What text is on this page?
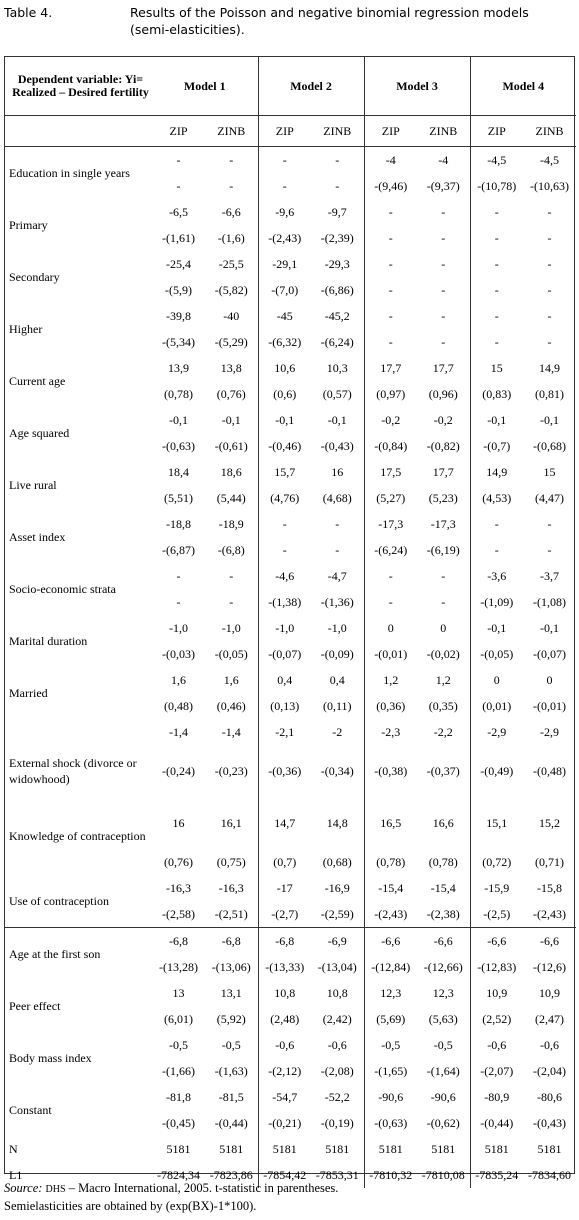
Table 4.	Results of the Poisson and negative binomial regression models (semi-elasticities).
Dependent variable: Yi= Realized – Desired fertility	Model 1		Model 2		Model 3		Model 4	
	ZIP	ZINB	ZIP	ZINB	ZIP	ZINB	ZIP	ZINB
Education in single years	-	-	-	-	-4	-4	-4,5	-4,5
	-	-	-	-	-(9,46)	-(9,37)	-(10,78)	-(10,63)
Primary	-6,5	-6,6	-9,6	-9,7	-	-	-	-
	-(1,61)	-(1,6)	-(2,43)	-(2,39)	-	-	-	-
Secondary	-25,4	-25,5	-29,1	-29,3	-	-	-	-
	-(5,9)	-(5,82)	-(7,0)	-(6,86)	-	-	-	-
Higher	-39,8	-40	-45	-45,2	-	-	-	-
	-(5,34)	-(5,29)	-(6,32)	-(6,24)	-	-	-	-
Current age	13,9	13,8	10,6	10,3	17,7	17,7	15	14,9
	(0,78)	(0,76)	(0,6)	(0,57)	(0,97)	(0,96)	(0,83)	(0,81)
Age squared	-0,1	-0,1	-0,1	-0,1	-0,2	-0,2	-0,1	-0,1
	-(0,63)	-(0,61)	-(0,46)	-(0,43)	-(0,84)	-(0,82)	-(0,7)	-(0,68)
Live rural	18,4	18,6	15,7	16	17,5	17,7	14,9	15
	(5,51)	(5,44)	(4,76)	(4,68)	(5,27)	(5,23)	(4,53)	(4,47)
Asset index	-18,8	-18,9	-	-	-17,3	-17,3	-	-
	-(6,87)	-(6,8)	-	-	-(6,24)	-(6,19)	-	-
Socio-economic strata	-	-	-4,6	-4,7	-	-	-3,6	-3,7
	-	-	-(1,38)	-(1,36)	-	-	-(1,09)	-(1,08)
Marital duration	-1,0	-1,0	-1,0	-1,0	0	0	-0,1	-0,1
	-(0,03)	-(0,05)	-(0,07)	-(0,09)	-(0,01)	-(0,02)	-(0,05)	-(0,07)
Married	1,6	1,6	0,4	0,4	1,2	1,2	0	0
	(0,48)	(0,46)	(0,13)	(0,11)	(0,36)	(0,35)	(0,01)	-(0,01)
	-1,4	-1,4	-2,1	-2	-2,3	-2,2	-2,9	-2,9
External shock (divorce or widowhood)	-(0,24)	-(0,23)	-(0,36)	-(0,34)	-(0,38)	-(0,37)	-(0,49)	-(0,48)
Knowledge of contraception	16	16,1	14,7	14,8	16,5	16,6	15,1	15,2
	(0,76)	(0,75)	(0,7)	(0,68)	(0,78)	(0,78)	(0,72)	(0,71)
Use of contraception	-16,3	-16,3	-17	-16,9	-15,4	-15,4	-15,9	-15,8
	-(2,58)	-(2,51)	-(2,7)	-(2,59)	-(2,43)	-(2,38)	-(2,5)	-(2,43)
Age at the first son	-6,8	-6,8	-6,8	-6,9	-6,6	-6,6	-6,6	-6,6
	-(13,28)	-(13,06)	-(13,33)	-(13,04)	-(12,84)	-(12,66)	-(12,83)	-(12,6)
Peer effect	13	13,1	10,8	10,8	12,3	12,3	10,9	10,9
	(6,01)	(5,92)	(2,48)	(2,42)	(5,69)	(5,63)	(2,52)	(2,47)
Body mass index	-0,5	-0,5	-0,6	-0,6	-0,5	-0,5	-0,6	-0,6
	-(1,66)	-(1,63)	-(2,12)	-(2,08)	-(1,65)	-(1,64)	-(2,07)	-(2,04)
Constant	-81,8	-81,5	-54,7	-52,2	-90,6	-90,6	-80,9	-80,6
	-(0,45)	-(0,44)	-(0,21)	-(0,19)	-(0,63)	-(0,62)	-(0,44)	-(0,43)
N	5181	5181	5181	5181	5181	5181	5181	5181
L1	-7824,34	-7823,86	-7854,42	-7853,31	-7810,32	-7810,08	-7835,24	-7834,60
Source: DHS – Macro International, 2005. t-statistic in parentheses.
Semielasticities are obtained by (exp(BX)-1*100).
